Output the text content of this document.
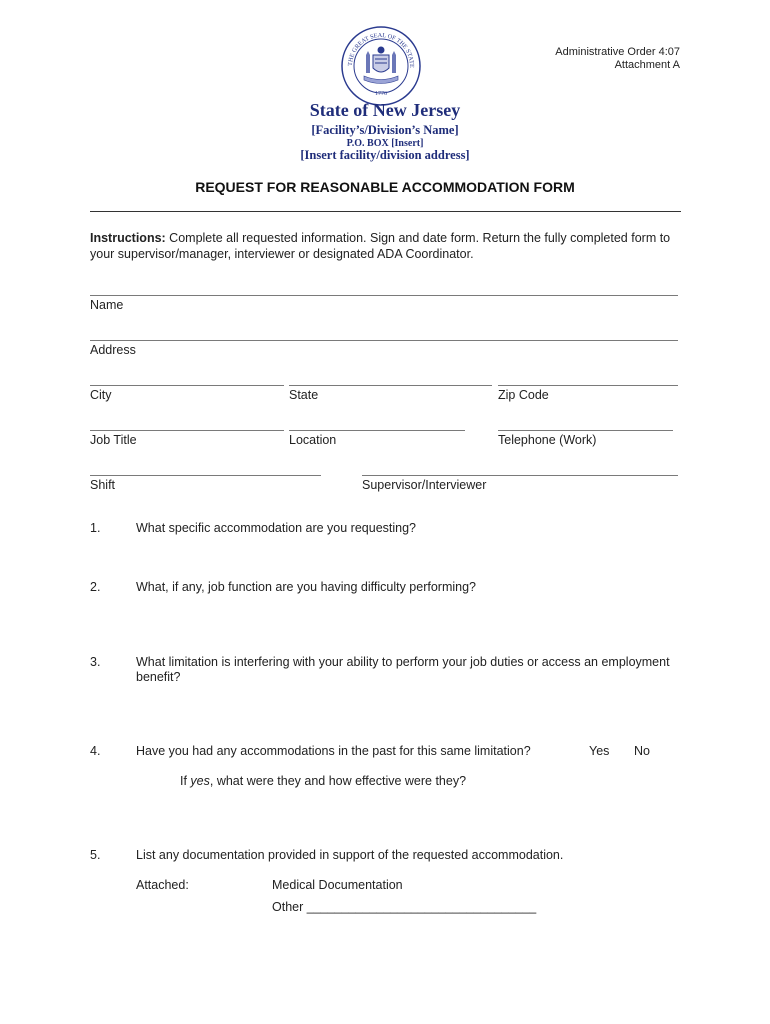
THE GREAT SEAL OF THE STATE
1776
Administrative Order 4:07
Attachment A
State of New Jersey
[Facility’s/Division’s Name]
P.O. BOX [Insert]
[Insert facility/division address]
REQUEST FOR REASONABLE ACCOMMODATION FORM
Instructions: Complete all requested information. Sign and date form. Return the fully completed form to your supervisor/manager, interviewer or designated ADA Coordinator.
Name
Address
City	State	Zip Code
Job Title	Location	Telephone (Work)
Shift	Supervisor/Interviewer
1.	What specific accommodation are you requesting?
2.	What, if any, job function are you having difficulty performing?
3.	What limitation is interfering with your ability to perform your job duties or access an employment benefit?
4.	Have you had any accommodations in the past for this same limitation?	Yes No
If yes, what were they and how effective were they?
5.	List any documentation provided in support of the requested accommodation.
Attached:	Medical Documentation
Other _________________________________
